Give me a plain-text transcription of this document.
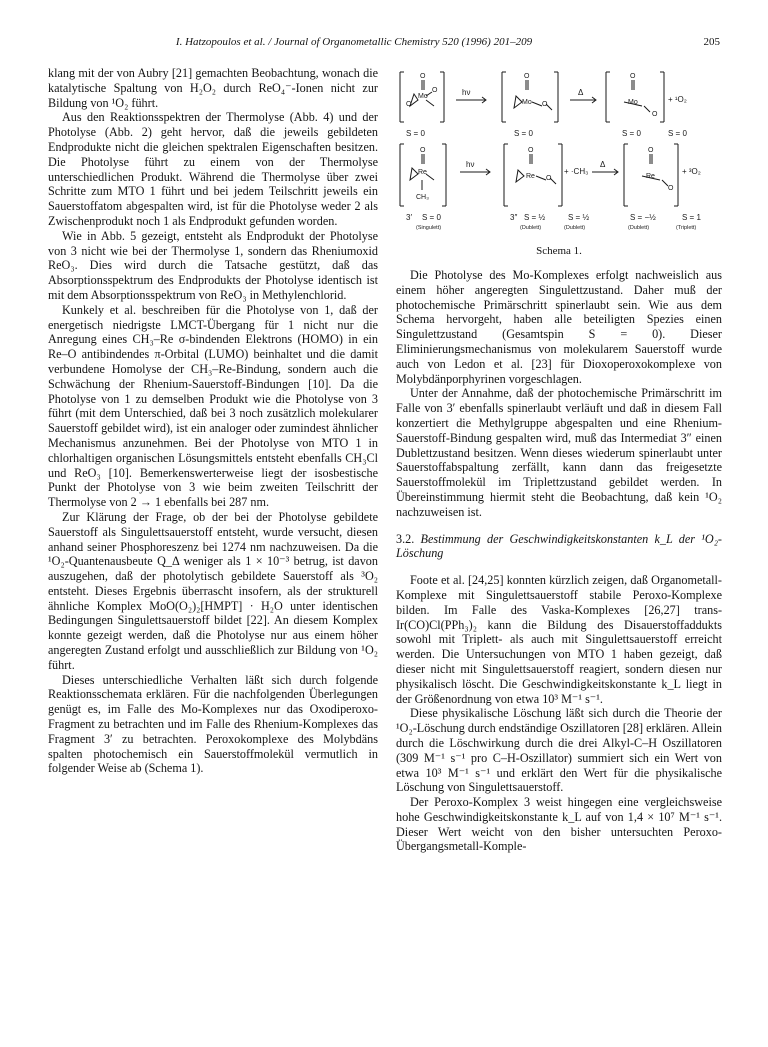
I. Hatzopoulos et al. / Journal of Organometallic Chemistry 520 (1996) 201–209	205

klang mit der von Aubry [21] gemachten Beobachtung, wonach die katalytische Spaltung von H₂O₂ durch ReO₄⁻-Ionen nicht zur Bildung von ¹O₂ führt.

Aus den Reaktionsspektren der Thermolyse (Abb. 4) und der Photolyse (Abb. 2) geht hervor, daß die jeweils gebildeten Endprodukte nicht die gleichen spektralen Eigenschaften besitzen. Die Photolyse führt zu einem von der Thermolyse unterschiedlichen Produkt. Während die Thermolyse über zwei Schritte zum MTO 1 führt und bei jedem Teilschritt jeweils ein Sauerstoffatom abgespalten wird, ist für die Photolyse weder 2 als Zwischenprodukt noch 1 als Endprodukt gefunden worden.

Wie in Abb. 5 gezeigt, entsteht als Endprodukt der Photolyse von 3 nicht wie bei der Thermolyse 1, sondern das Rheniumoxid ReO₃. Dies wird durch die Tatsache gestützt, daß das Absorptionsspektrum des Endprodukts der Photolyse identisch ist mit dem Absorptionsspektrum von ReO₃ in Methylenchlorid.

Kunkely et al. beschreiben für die Photolyse von 1, daß der energetisch niedrigste LMCT-Übergang für 1 nicht nur die Anregung eines CH₃–Re σ-bindenden Elektrons (HOMO) in ein Re–O antibindendes π-Orbital (LUMO) beinhaltet und die damit verbundene Homolyse der CH₃–Re-Bindung, sondern auch die Schwächung der Rhenium-Sauerstoff-Bindungen [10]. Da die Photolyse von 1 zu demselben Produkt wie die Photolyse von 3 führt (mit dem Unterschied, daß bei 3 noch zusätzlich molekularer Sauerstoff gebildet wird), ist ein analoger oder zumindest ähnlicher Mechanismus anzunehmen. Bei der Photolyse von MTO 1 in chlorhaltigen organischen Lösungsmittels entsteht ebenfalls CH₃Cl und ReO₃ [10]. Bemerkenswerterweise liegt der isosbestische Punkt der Photolyse von 3 wie beim zweiten Teilschritt der Thermolyse von 2 → 1 ebenfalls bei 287 nm.

Zur Klärung der Frage, ob der bei der Photolyse gebildete Sauerstoff als Singulettsauerstoff entsteht, wurde versucht, diesen anhand seiner Phosphoreszenz bei 1274 nm nachzuweisen. Da die ¹O₂-Quantenausbeute Q_Δ weniger als 1 × 10⁻³ betrug, ist davon auszugehen, daß der photolytisch gebildete Sauerstoff als ³O₂ entsteht. Dieses Ergebnis überrascht insofern, als der strukturell ähnliche Komplex MoO(O₂)₂[HMPT] · H₂O unter identischen Bedingungen Singulettsauerstoff bildet [22]. An diesem Komplex konnte gezeigt werden, daß die Photolyse nur aus einem höher angeregten Zustand erfolgt und ausschließlich zur Bildung von ¹O₂ führt.

Dieses unterschiedliche Verhalten läßt sich durch folgende Reaktionsschemata erklären. Für die nachfolgenden Überlegungen genügt es, im Falle des Mo-Komplexes nur das Oxodiperoxo-Fragment zu betrachten und im Falle des Rhenium-Komplexes das Fragment 3′ zu betrachten. Peroxokomplexe des Molybdäns spalten photochemisch ein Sauerstoffmolekül vermutlich in folgender Weise ab (Schema 1).

O
Mo
O
O
O
Mo O
O
Mo
O
O
Re
CH₃
O
Re O
O
Re
O
hν	Δ
+ ¹O₂
S = 0	S = 0	S = 0	S = 0
hν
+ ·CH₃
Δ
+ ³O₂
3′ S = 0	3″ S = ½	S = ½	S = −½	S = 1
(Singulett)	(Dublett)	(Dublett)	(Dublett)	(Triplett)
Schema 1.

Die Photolyse des Mo-Komplexes erfolgt nachweislich aus einem höher angeregten Singulettzustand. Daher muß der photochemische Primärschritt spinerlaubt sein. Wie aus dem Schema hervorgeht, haben alle beteiligten Spezies einen Singulettzustand (Gesamtspin S = 0). Dieser Eliminierungsmechanismus von molekularem Sauerstoff wurde auch von Ledon et al. [23] für Dioxoperoxokomplexe von Molybdänporphyrinen vorgeschlagen.

Unter der Annahme, daß der photochemische Primärschritt im Falle von 3′ ebenfalls spinerlaubt verläuft und daß in diesem Fall konzertiert die Methylgruppe abgespalten und eine Rhenium-Sauerstoff-Bindung gespalten wird, muß das Intermediat 3″ einen Dublettzustand besitzen. Wenn dieses wiederum spinerlaubt unter Sauerstoffabspaltung zerfällt, kann dann das freigesetzte Sauerstoffmolekül im Triplettzustand gebildet werden. In Übereinstimmung hiermit steht die Beobachtung, daß kein ¹O₂ nachzuweisen ist.

3.2. Bestimmung der Geschwindigkeitskonstanten k_L der ¹O₂-Löschung

Foote et al. [24,25] konnten kürzlich zeigen, daß Organometall-Komplexe mit Singulettsauerstoff stabile Peroxo-Komplexe bilden. Im Falle des Vaska-Komplexes [26,27] trans-Ir(CO)Cl(PPh₃)₂ kann die Bildung des Disauerstoffaddukts sowohl mit Triplett- als auch mit Singulettsauerstoff erreicht werden. Die Untersuchungen von MTO 1 haben gezeigt, daß dieser nicht mit Singulettsauerstoff reagiert, sondern diesen nur physikalisch löscht. Die Geschwindigkeitskonstante k_L liegt in der Größenordnung von etwa 10³ M⁻¹ s⁻¹.

Diese physikalische Löschung läßt sich durch die Theorie der ¹O₂-Löschung durch endständige Oszillatoren [28] erklären. Allein durch die Löschwirkung durch die drei Alkyl-C–H Oszillatoren (309 M⁻¹ s⁻¹ pro C–H-Oszillator) summiert sich ein Wert von etwa 10³ M⁻¹ s⁻¹ und erklärt den Wert für die physikalische Löschung von Singulettsauerstoff.

Der Peroxo-Komplex 3 weist hingegen eine vergleichsweise hohe Geschwindigkeitskonstante k_L auf von 1,4 × 10⁷ M⁻¹ s⁻¹. Dieser Wert weicht von den bisher untersuchten Peroxo-Übergangsmetall-Komple-
